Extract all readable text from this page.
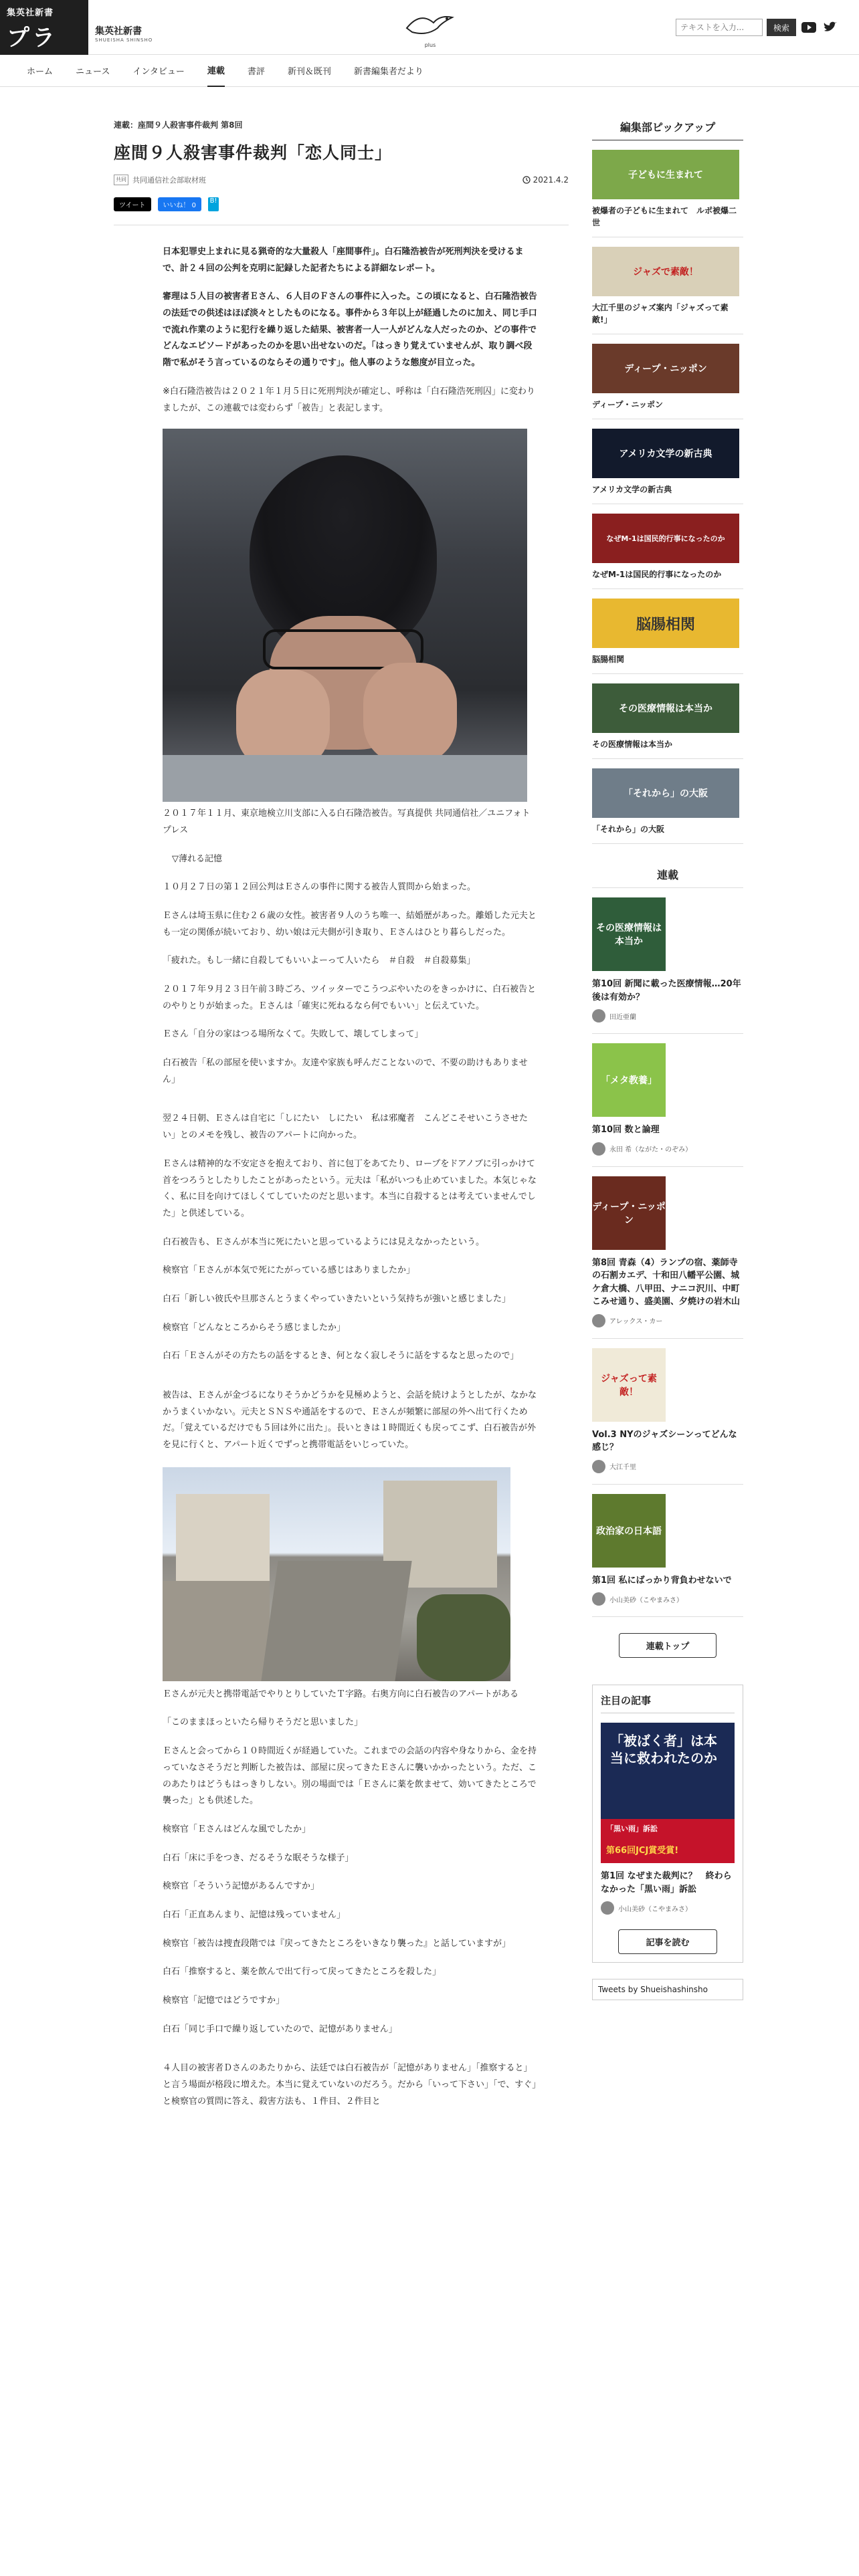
集英社新書
プラス
集英社新書
SHUEISHA SHINSHO
plus
テキストを入力...
検索
ホーム	ニュース	インタビュー	連載	書評	新刊＆既刊	新書編集者だより
連載：座間９人殺害事件裁判 第8回
座間９人殺害事件裁判「恋人同士」
共同 共同通信社会部取材班	2021.4.2
ツイート	いいね！ 0
B!

日本犯罪史上まれに見る猟奇的な大量殺人「座間事件」。白石隆浩被告が死刑判決を受けるまで、計２４回の公判を克明に記録した記者たちによる詳細なレポート。

審理は５人目の被害者Ｅさん、６人目のＦさんの事件に入った。この頃になると、白石隆浩被告の法廷での供述はほぼ淡々としたものになる。事件から３年以上が経過したのに加え、同じ手口で流れ作業のように犯行を繰り返した結果、被害者一人一人がどんな人だったのか、どの事件でどんなエピソードがあったのかを思い出せないのだ。「はっきり覚えていませんが、取り調べ段階で私がそう言っているのならその通りです」。他人事のような態度が目立った。

※白石隆浩被告は２０２１年１月５日に死刑判決が確定し、呼称は「白石隆浩死刑囚」に変わりましたが、この連載では変わらず「被告」と表記します。

２０１７年１１月、東京地検立川支部に入る白石隆浩被告。写真提供 共同通信社／ユニフォトプレス

▽薄れる記憶

１０月２７日の第１２回公判はＥさんの事件に関する被告人質問から始まった。

Ｅさんは埼玉県に住む２６歳の女性。被害者９人のうち唯一、結婚歴があった。離婚した元夫とも一定の関係が続いており、幼い娘は元夫側が引き取り、Ｅさんはひとり暮らしだった。

「疲れた。もし一緒に自殺してもいいよーって人いたら　＃自殺　＃自殺募集」

２０１７年９月２３日午前３時ごろ、ツイッターでこうつぶやいたのをきっかけに、白石被告とのやりとりが始まった。Ｅさんは「確実に死ねるなら何でもいい」と伝えていた。

Ｅさん「自分の家はつる場所なくて。失敗して、壊してしまって」

白石被告「私の部屋を使いますか。友達や家族も呼んだことないので、不要の助けもありません」

翌２４日朝、Ｅさんは自宅に「しにたい　しにたい　私は邪魔者　こんどこそせいこうさせたい」とのメモを残し、被告のアパートに向かった。

Ｅさんは精神的な不安定さを抱えており、首に包丁をあてたり、ロープをドアノブに引っかけて首をつろうとしたりしたことがあったという。元夫は「私がいつも止めていました。本気じゃなく、私に目を向けてほしくてしていたのだと思います。本当に自殺するとは考えていませんでした」と供述している。

白石被告も、Ｅさんが本当に死にたいと思っているようには見えなかったという。

検察官「Ｅさんが本気で死にたがっている感じはありましたか」

白石「新しい彼氏や旦那さんとうまくやっていきたいという気持ちが強いと感じました」

検察官「どんなところからそう感じましたか」

白石「Ｅさんがその方たちの話をするとき、何となく寂しそうに話をするなと思ったので」

被告は、Ｅさんが金づるになりそうかどうかを見極めようと、会話を続けようとしたが、なかなかうまくいかない。元夫とＳＮＳや通話をするので、Ｅさんが頻繁に部屋の外へ出て行くためだ。「覚えているだけでも５回は外に出た」。長いときは１時間近くも戻ってこず、白石被告が外を見に行くと、アパート近くでずっと携帯電話をいじっていた。

Ｅさんが元夫と携帯電話でやりとりしていたＴ字路。右奥方向に白石被告のアパートがある

「このままほっといたら帰りそうだと思いました」

Ｅさんと会ってから１０時間近くが経過していた。これまでの会話の内容や身なりから、金を持っていなさそうだと判断した被告は、部屋に戻ってきたＥさんに襲いかかったという。ただ、このあたりはどうもはっきりしない。別の場面では「Ｅさんに薬を飲ませて、効いてきたところで襲った」とも供述した。

検察官「Ｅさんはどんな風でしたか」

白石「床に手をつき、だるそうな眠そうな様子」

検察官「そういう記憶があるんですか」

白石「正直あんまり、記憶は残っていません」

検察官「被告は捜査段階では『戻ってきたところをいきなり襲った』と話していますが」

白石「推察すると、薬を飲んで出て行って戻ってきたところを殺した」

検察官「記憶ではどうですか」

白石「同じ手口で繰り返していたので、記憶がありません」

４人目の被害者Ｄさんのあたりから、法廷では白石被告が「記憶がありません」「推察すると」と言う場面が格段に増えた。本当に覚えていないのだろう。だから「いって下さい」「で、すぐ」と検察官の質問に答え、殺害方法も、１件目、２件目と

編集部ピックアップ
子どもに生まれて
被爆者の子どもに生まれて　ルポ被爆二世
ジャズで素敵！
大江千里のジャズ案内「ジャズって素敵!」
ディープ・ニッポン
ディープ・ニッポン
アメリカ文学の新古典
アメリカ文学の新古典
なぜM-1は国民的行事になったのか
なぜM-1は国民的行事になったのか
脳腸相関
脳腸相関
その医療情報は本当か
その医療情報は本当か
「それから」の大阪
「それから」の大阪
連載
その医療情報は本当か
第10回 新聞に載った医療情報…20年後は有効か？
田近亜蘭
「メタ教養」
第10回 数と論理
永田 希（ながた・のぞみ）
ディープ・ニッポン
第8回 青森（4）ランプの宿、薬師寺の石割カエデ、十和田八幡平公園、城ケ倉大橋、八甲田、ナニコ沢川、中町こみせ通り、盛美園、夕焼けの岩木山
アレックス・カー
ジャズって素敵！
Vol.3 NYのジャズシーンってどんな感じ？
大江千里
政治家の日本語
第1回 私にばっかり背負わせないで
小山美砂（こやまみさ）
連載トップ
注目の記事
「被ばく者」は本当に救われたのか
「黒い雨」訴訟
第66回JCJ賞受賞!
第1回 なぜまた裁判に？　終わらなかった「黒い雨」訴訟
小山美砂（こやまみさ）
記事を読む
Tweets by Shueishashinsho
